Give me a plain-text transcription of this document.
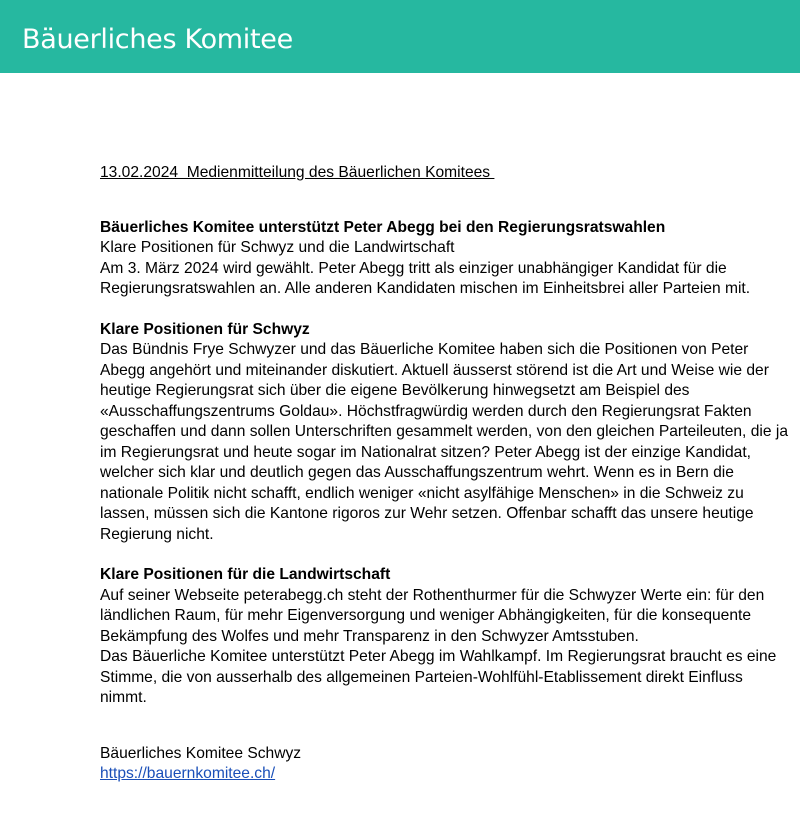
Bäuerliches Komitee

13.02.2024  Medienmitteilung des Bäuerlichen Komitees

Bäuerliches Komitee unterstützt Peter Abegg bei den Regierungsratswahlen

Klare Positionen für Schwyz und die Landwirtschaft

Am 3. März 2024 wird gewählt. Peter Abegg tritt als einziger unabhängiger Kandidat für die Regierungsratswahlen an. Alle anderen Kandidaten mischen im Einheitsbrei aller Parteien mit.

Klare Positionen für Schwyz

Das Bündnis Frye Schwyzer und das Bäuerliche Komitee haben sich die Positionen von Peter Abegg angehört und miteinander diskutiert. Aktuell äusserst störend ist die Art und Weise wie der heutige Regierungsrat sich über die eigene Bevölkerung hinwegsetzt am Beispiel des «Ausschaffungszentrums Goldau». Höchstfragwürdig werden durch den Regierungsrat Fakten geschaffen und dann sollen Unterschriften gesammelt werden, von den gleichen Parteileuten, die ja im Regierungsrat und heute sogar im Nationalrat sitzen? Peter Abegg ist der einzige Kandidat, welcher sich klar und deutlich gegen das Ausschaffungszentrum wehrt. Wenn es in Bern die nationale Politik nicht schafft, endlich weniger «nicht asylfähige Menschen» in die Schweiz zu lassen, müssen sich die Kantone rigoros zur Wehr setzen. Offenbar schafft das unsere heutige Regierung nicht.

Klare Positionen für die Landwirtschaft

Auf seiner Webseite peterabegg.ch steht der Rothenthurmer für die Schwyzer Werte ein: für den ländlichen Raum, für mehr Eigenversorgung und weniger Abhängigkeiten, für die konsequente Bekämpfung des Wolfes und mehr Transparenz in den Schwyzer Amtsstuben.

Das Bäuerliche Komitee unterstützt Peter Abegg im Wahlkampf. Im Regierungsrat braucht es eine Stimme, die von ausserhalb des allgemeinen Parteien-Wohlfühl-Etablissement direkt Einfluss nimmt.

Bäuerliches Komitee Schwyz

https://bauernkomitee.ch/
